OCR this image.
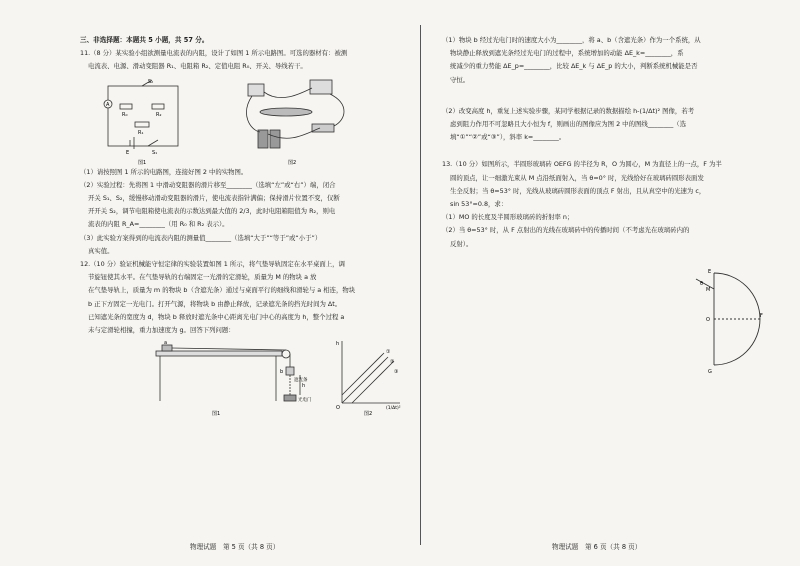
三、非选择题：本题共 5 小题，共 57 分。

11.（8 分）某实验小组欲测量电流表的内阻，设计了如图 1 所示电路图。可选的器材有：被测

电流表、电源、滑动变阻器 R₁、电阻箱 R₂、定值电阻 R₀、开关、导线若干。

A
S₂
R₀	R₂
R₁
E	S₁
图1	图2

（1）请按照图 1 所示的电路图，连接好图 2 中的实物图。

（2）实验过程：先将图 1 中滑动变阻器的滑片移至________（选填“左”或“右”）端，闭合

开关 S₁、S₂，缓慢移动滑动变阻器的滑片，使电流表指针满偏；保持滑片位置不变，仅断

开开关 S₂，调节电阻箱使电流表的示数达到最大值的 2/3，此时电阻箱阻值为 R₂，则电

流表的内阻 R_A=________（用 R₀ 和 R₂ 表示）。

（3）此实验方案得到的电流表内阻的测量值________（选填“大于”“等于”或“小于”）

真实值。

12.（10 分）验证机械能守恒定律的实验装置如图 1 所示，将气垫导轨固定在水平桌面上，调

节旋钮使其水平。在气垫导轨的右端固定一光滑的定滑轮，质量为 M 的物块 a 放

在气垫导轨上，质量为 m 的物块 b（含遮光条）通过与桌面平行的细线和滑轮与 a 相连，物块

b 正下方固定一光电门。打开气源，将物块 b 由静止释放，记录遮光条的挡光时间为 Δt。

已知遮光条的宽度为 d，物块 b 释放时遮光条中心距离光电门中心的高度为 h，整个过程 a

未与定滑轮相撞，重力加速度为 g。回答下列问题：

a
b
h
遮光条
光电门
图1
h
(1/Δt)²
O
①
②
③
图2

（1）物块 b 经过光电门时的速度大小为________，将 a、b（含遮光条）作为一个系统，从

物块静止释放到遮光条经过光电门的过程中，系统增加的动能 ΔE_k=________，系

统减少的重力势能 ΔE_p=________，比较 ΔE_k 与 ΔE_p 的大小，判断系统机械能是否

守恒。

（2）改变高度 h，重复上述实验步骤，某同学根据记录的数据描绘 h-(1/Δt)² 图像，若考

虑到阻力作用不可忽略且大小恒为 f，则画出的图像应为图 2 中的图线________（选

填“①”“②”或“③”），斜率 k=________。

13.（10 分）如图所示，半圆形玻璃砖 OEFG 的半径为 R，O 为圆心，M 为直径上的一点，F 为半

圆的顶点，让一细激光束从 M 点沿纸面射入，当 θ=0° 时，光线恰好在玻璃砖圆形表面发

生全反射；当 θ=53° 时，光线从玻璃砖圆形表面的顶点 F 射出，且从真空中的光速为 c，

sin 53°=0.8，求：

（1）MO 的长度及半圆形玻璃砖的折射率 n；

（2）当 θ=53° 时，从 F 点射出的光线在玻璃砖中的传播时间（不考虑光在玻璃砖内的

反射）。

E
M
O
F
G
θ
物理试题　第 5 页（共 8 页）	物理试题　第 6 页（共 8 页）
